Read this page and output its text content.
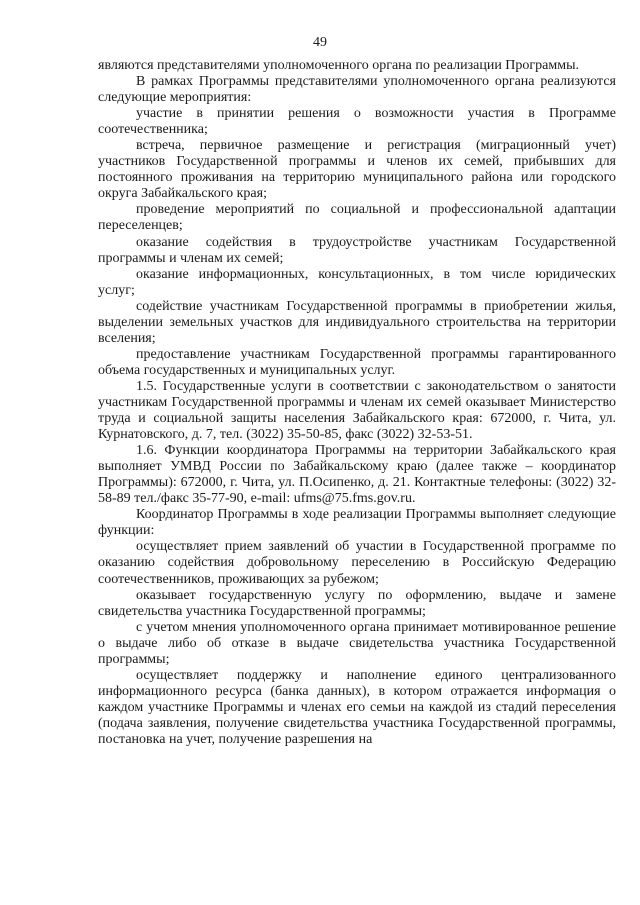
49

являются представителями уполномоченного органа по реализации Программы.

В рамках Программы представителями уполномоченного органа реализуются следующие мероприятия:

участие в принятии решения о возможности участия в Программе соотечественника;

встреча, первичное размещение и регистрация (миграционный учет) участников Государственной программы и членов их семей, прибывших для постоянного проживания на территорию муниципального района или городского округа Забайкальского края;

проведение мероприятий по социальной и профессиональной адаптации переселенцев;

оказание содействия в трудоустройстве участникам Государственной программы и членам их семей;

оказание информационных, консультационных, в том числе юридических услуг;

содействие участникам Государственной программы в приобретении жилья, выделении земельных участков для индивидуального строительства на территории вселения;

предоставление участникам Государственной программы гарантированного объема государственных и муниципальных услуг.

1.5. Государственные услуги в соответствии с законодательством о занятости участникам Государственной программы и членам их семей оказывает Министерство труда и социальной защиты населения Забайкальского края: 672000, г. Чита, ул. Курнатовского, д. 7, тел. (3022) 35-50-85, факс (3022) 32-53-51.

1.6. Функции координатора Программы на территории Забайкальского края выполняет УМВД России по Забайкальскому краю (далее также – координатор Программы): 672000, г. Чита, ул. П.Осипенко, д. 21. Контактные телефоны: (3022) 32-58-89 тел./факс 35-77-90, e-mail: ufms@75.fms.gov.ru.

Координатор Программы в ходе реализации Программы выполняет следующие функции:

осуществляет прием заявлений об участии в Государственной программе по оказанию содействия добровольному переселению в Российскую Федерацию соотечественников, проживающих за рубежом;

оказывает государственную услугу по оформлению, выдаче и замене свидетельства участника Государственной программы;

с учетом мнения уполномоченного органа принимает мотивированное решение о выдаче либо об отказе в выдаче свидетельства участника Государственной программы;

осуществляет поддержку и наполнение единого централизованного информационного ресурса (банка данных), в котором отражается информация о каждом участнике Программы и членах его семьи на каждой из стадий переселения (подача заявления, получение свидетельства участника Государственной программы, постановка на учет, получение разрешения на
